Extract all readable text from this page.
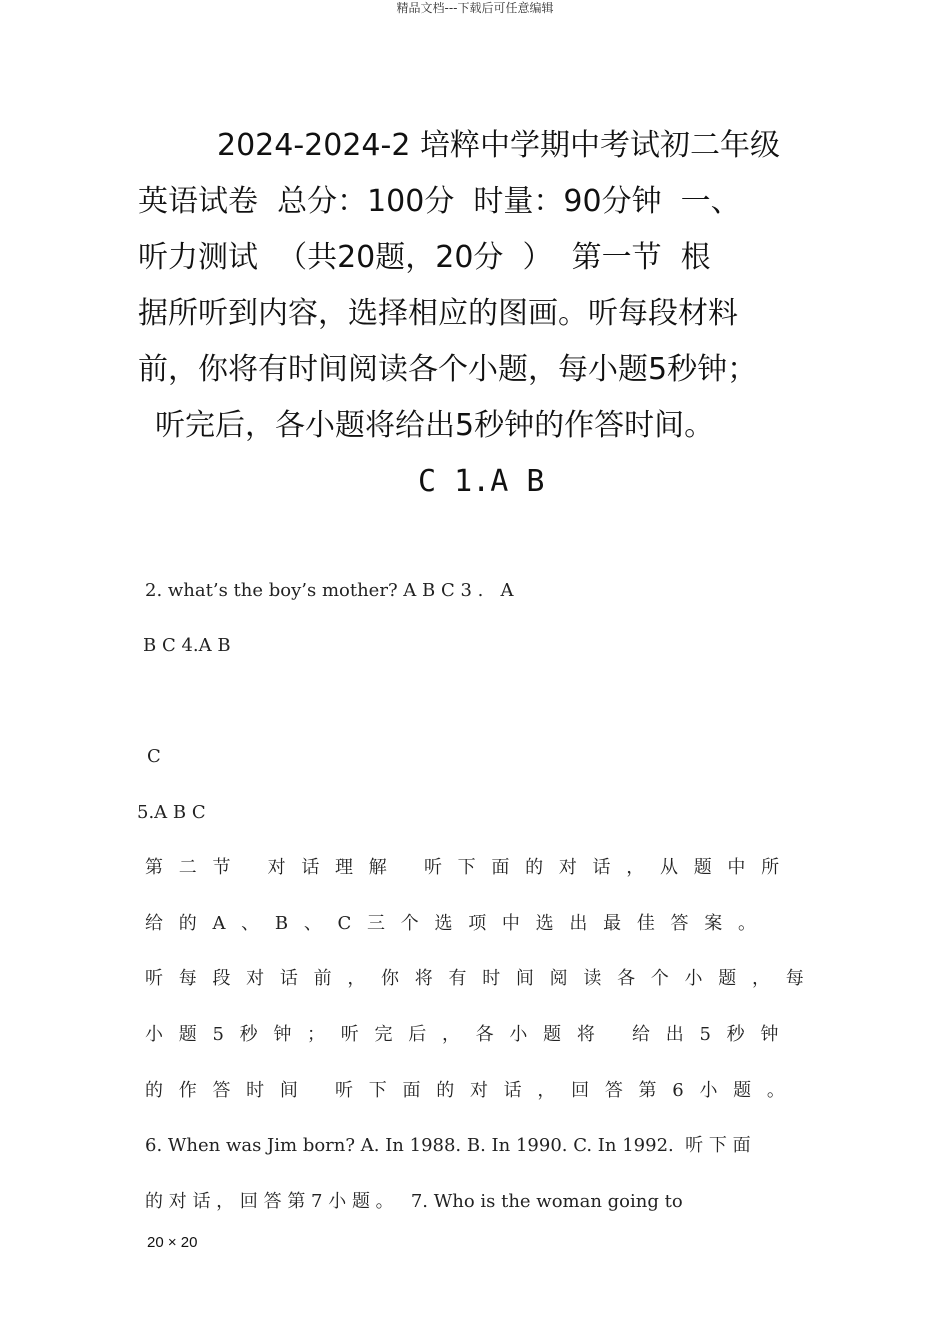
精品文档---下载后可任意编辑
2024-2024-2 培粹中学期中考试初二年级
英语试卷  总分：100分  时量：90分钟  一、
听力测试  （共20题，20分  ）  第一节  根
据所听到内容，选择相应的图画。听每段材料
前，你将有时间阅读各个小题，每小题5秒钟；
听完后，各小题将给出5秒钟的作答时间。
C 1.A B
2. what’s the boy’s mother? A B C 3 .   A
B C 4.A B
C
5.A B C
第 二 节   对 话 理 解   听 下 面 的 对 话 ， 从 题 中 所
给 的 A 、 B 、 C 三 个 选 项 中 选 出 最 佳 答 案 。
听 每 段 对 话 前 ， 你 将 有 时 间 阅 读 各 个 小 题 ， 每
小 题 5 秒 钟 ； 听 完 后 ， 各 小 题 将   给 出 5 秒 钟
的 作 答 时 间   听 下 面 的 对 话 ， 回 答 第 6 小 题 。
6. When was Jim born? A. In 1988. B. In 1990. C. In 1992.  听 下 面
的 对 话 ， 回 答 第 7 小 题 。   7. Who is the woman going to
20 × 20
